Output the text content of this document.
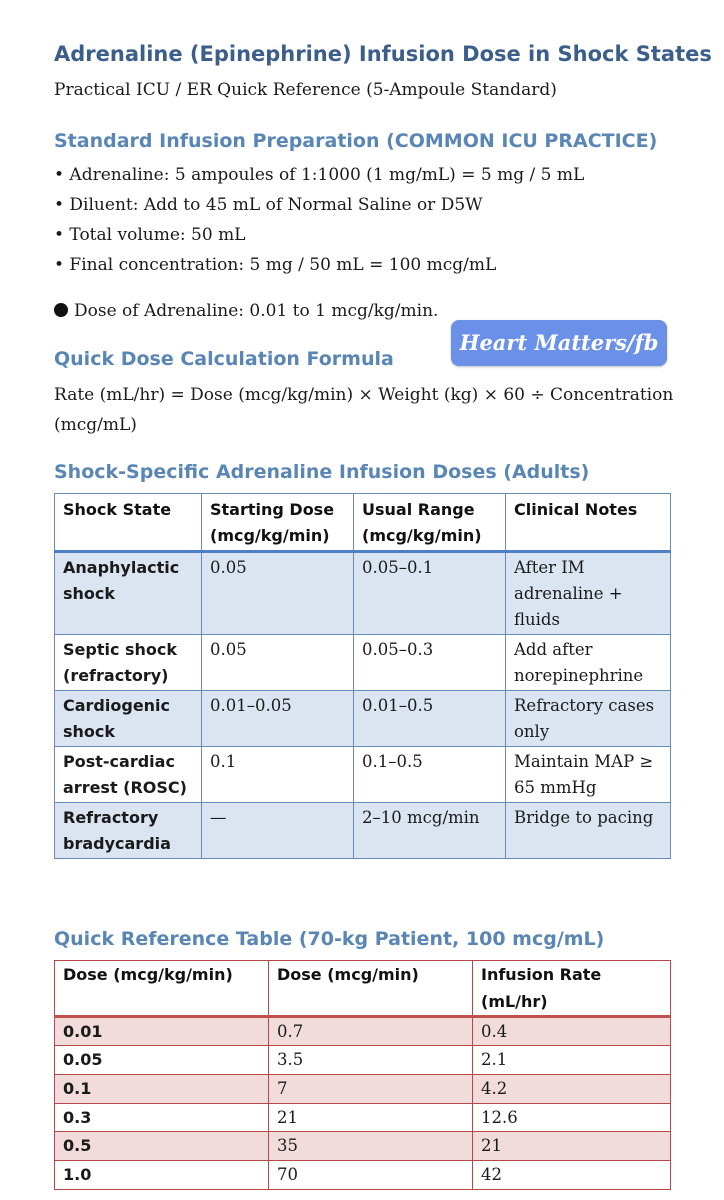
Adrenaline (Epinephrine) Infusion Dose in Shock States
Practical ICU / ER Quick Reference (5-Ampoule Standard)
Standard Infusion Preparation (COMMON ICU PRACTICE)
• Adrenaline: 5 ampoules of 1:1000 (1 mg/mL) = 5 mg / 5 mL
• Diluent: Add to 45 mL of Normal Saline or D5W
• Total volume: 50 mL
• Final concentration: 5 mg / 50 mL = 100 mcg/mL
Dose of Adrenaline: 0.01 to 1 mcg/kg/min.
Heart Matters/fb
Quick Dose Calculation Formula
Rate (mL/hr) = Dose (mcg/kg/min) × Weight (kg) × 60 ÷ Concentration (mcg/mL)
Shock-Specific Adrenaline Infusion Doses (Adults)
Shock State	Starting Dose (mcg/kg/min)	Usual Range (mcg/kg/min)	Clinical Notes
Anaphylactic shock	0.05	0.05–0.1	After IM adrenaline + fluids
Septic shock (refractory)	0.05	0.05–0.3	Add after norepinephrine
Cardiogenic shock	0.01–0.05	0.01–0.5	Refractory cases only
Post-cardiac arrest (ROSC)	0.1	0.1–0.5	Maintain MAP ≥ 65 mmHg
Refractory bradycardia	—	2–10 mcg/min	Bridge to pacing
Quick Reference Table (70-kg Patient, 100 mcg/mL)
Dose (mcg/kg/min)	Dose (mcg/min)	Infusion Rate (mL/hr)
0.01	0.7	0.4
0.05	3.5	2.1
0.1	7	4.2
0.3	21	12.6
0.5	35	21
1.0	70	42
